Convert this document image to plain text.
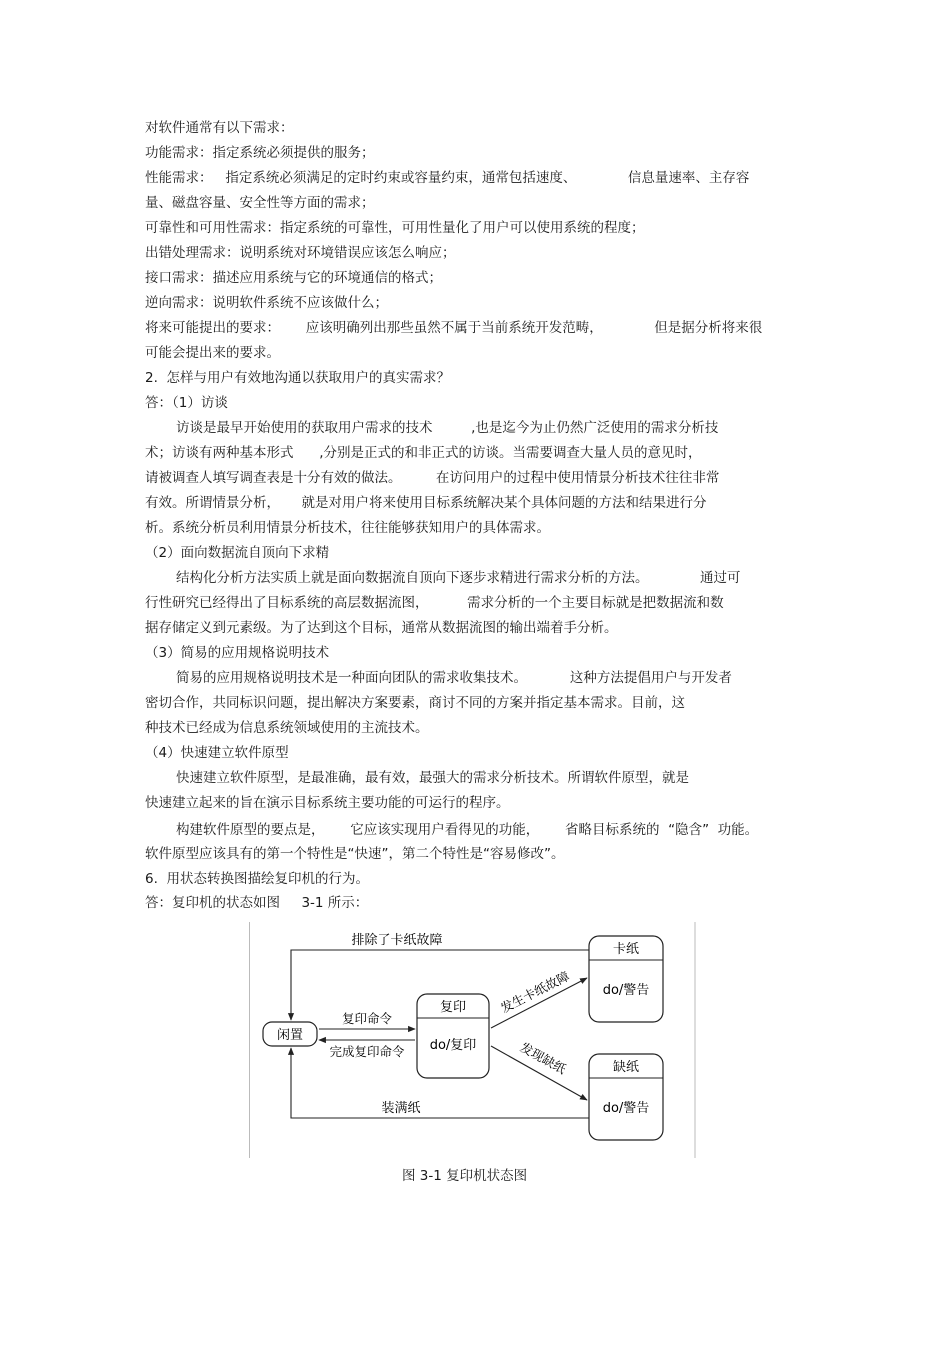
对软件通常有以下需求：
功能需求：指定系统必须提供的服务；
性能需求：   指定系统必须满足的定时约束或容量约束，通常包括速度、            信息量速率、主存容
量、磁盘容量、安全性等方面的需求；
可靠性和可用性需求：指定系统的可靠性，可用性量化了用户可以使用系统的程度；
出错处理需求：说明系统对环境错误应该怎么响应；
接口需求：描述应用系统与它的环境通信的格式；
逆向需求：说明软件系统不应该做什么；
将来可能提出的要求：      应该明确列出那些虽然不属于当前系统开发范畴，            但是据分析将来很
可能会提出来的要求。
2.  怎样与用户有效地沟通以获取用户的真实需求？
答：（1）访谈
访谈是最早开始使用的获取用户需求的技术         ,也是迄今为止仍然广泛使用的需求分析技
术；访谈有两种基本形式      ,分别是正式的和非正式的访谈。当需要调查大量人员的意见时，
请被调查人填写调查表是十分有效的做法。        在访问用户的过程中使用情景分析技术往往非常
有效。所谓情景分析，     就是对用户将来使用目标系统解决某个具体问题的方法和结果进行分
析。系统分析员利用情景分析技术，往往能够获知用户的具体需求。
（2）面向数据流自顶向下求精
结构化分析方法实质上就是面向数据流自顶向下逐步求精进行需求分析的方法。            通过可
行性研究已经得出了目标系统的高层数据流图，         需求分析的一个主要目标就是把数据流和数
据存储定义到元素级。为了达到这个目标，通常从数据流图的输出端着手分析。
（3）简易的应用规格说明技术
简易的应用规格说明技术是一种面向团队的需求收集技术。          这种方法提倡用户与开发者
密切合作，共同标识问题，提出解决方案要素，商讨不同的方案并指定基本需求。目前，这
种技术已经成为信息系统领域使用的主流技术。
（4）快速建立软件原型
快速建立软件原型，是最准确，最有效，最强大的需求分析技术。所谓软件原型，就是
快速建立起来的旨在演示目标系统主要功能的可运行的程序。
构建软件原型的要点是，      它应该实现用户看得见的功能，      省略目标系统的  “隐含”  功能。
软件原型应该具有的第一个特性是“快速”，第二个特性是“容易修改”。
6.  用状态转换图描绘复印机的行为。
答：复印机的状态如图     3-1 所示：
闲置
复印
do/复印
卡纸
do/警告
缺纸
do/警告
排除了卡纸故障
复印命令
完成复印命令
发生卡纸故障
发现缺纸
装满纸
图 3-1 复印机状态图
